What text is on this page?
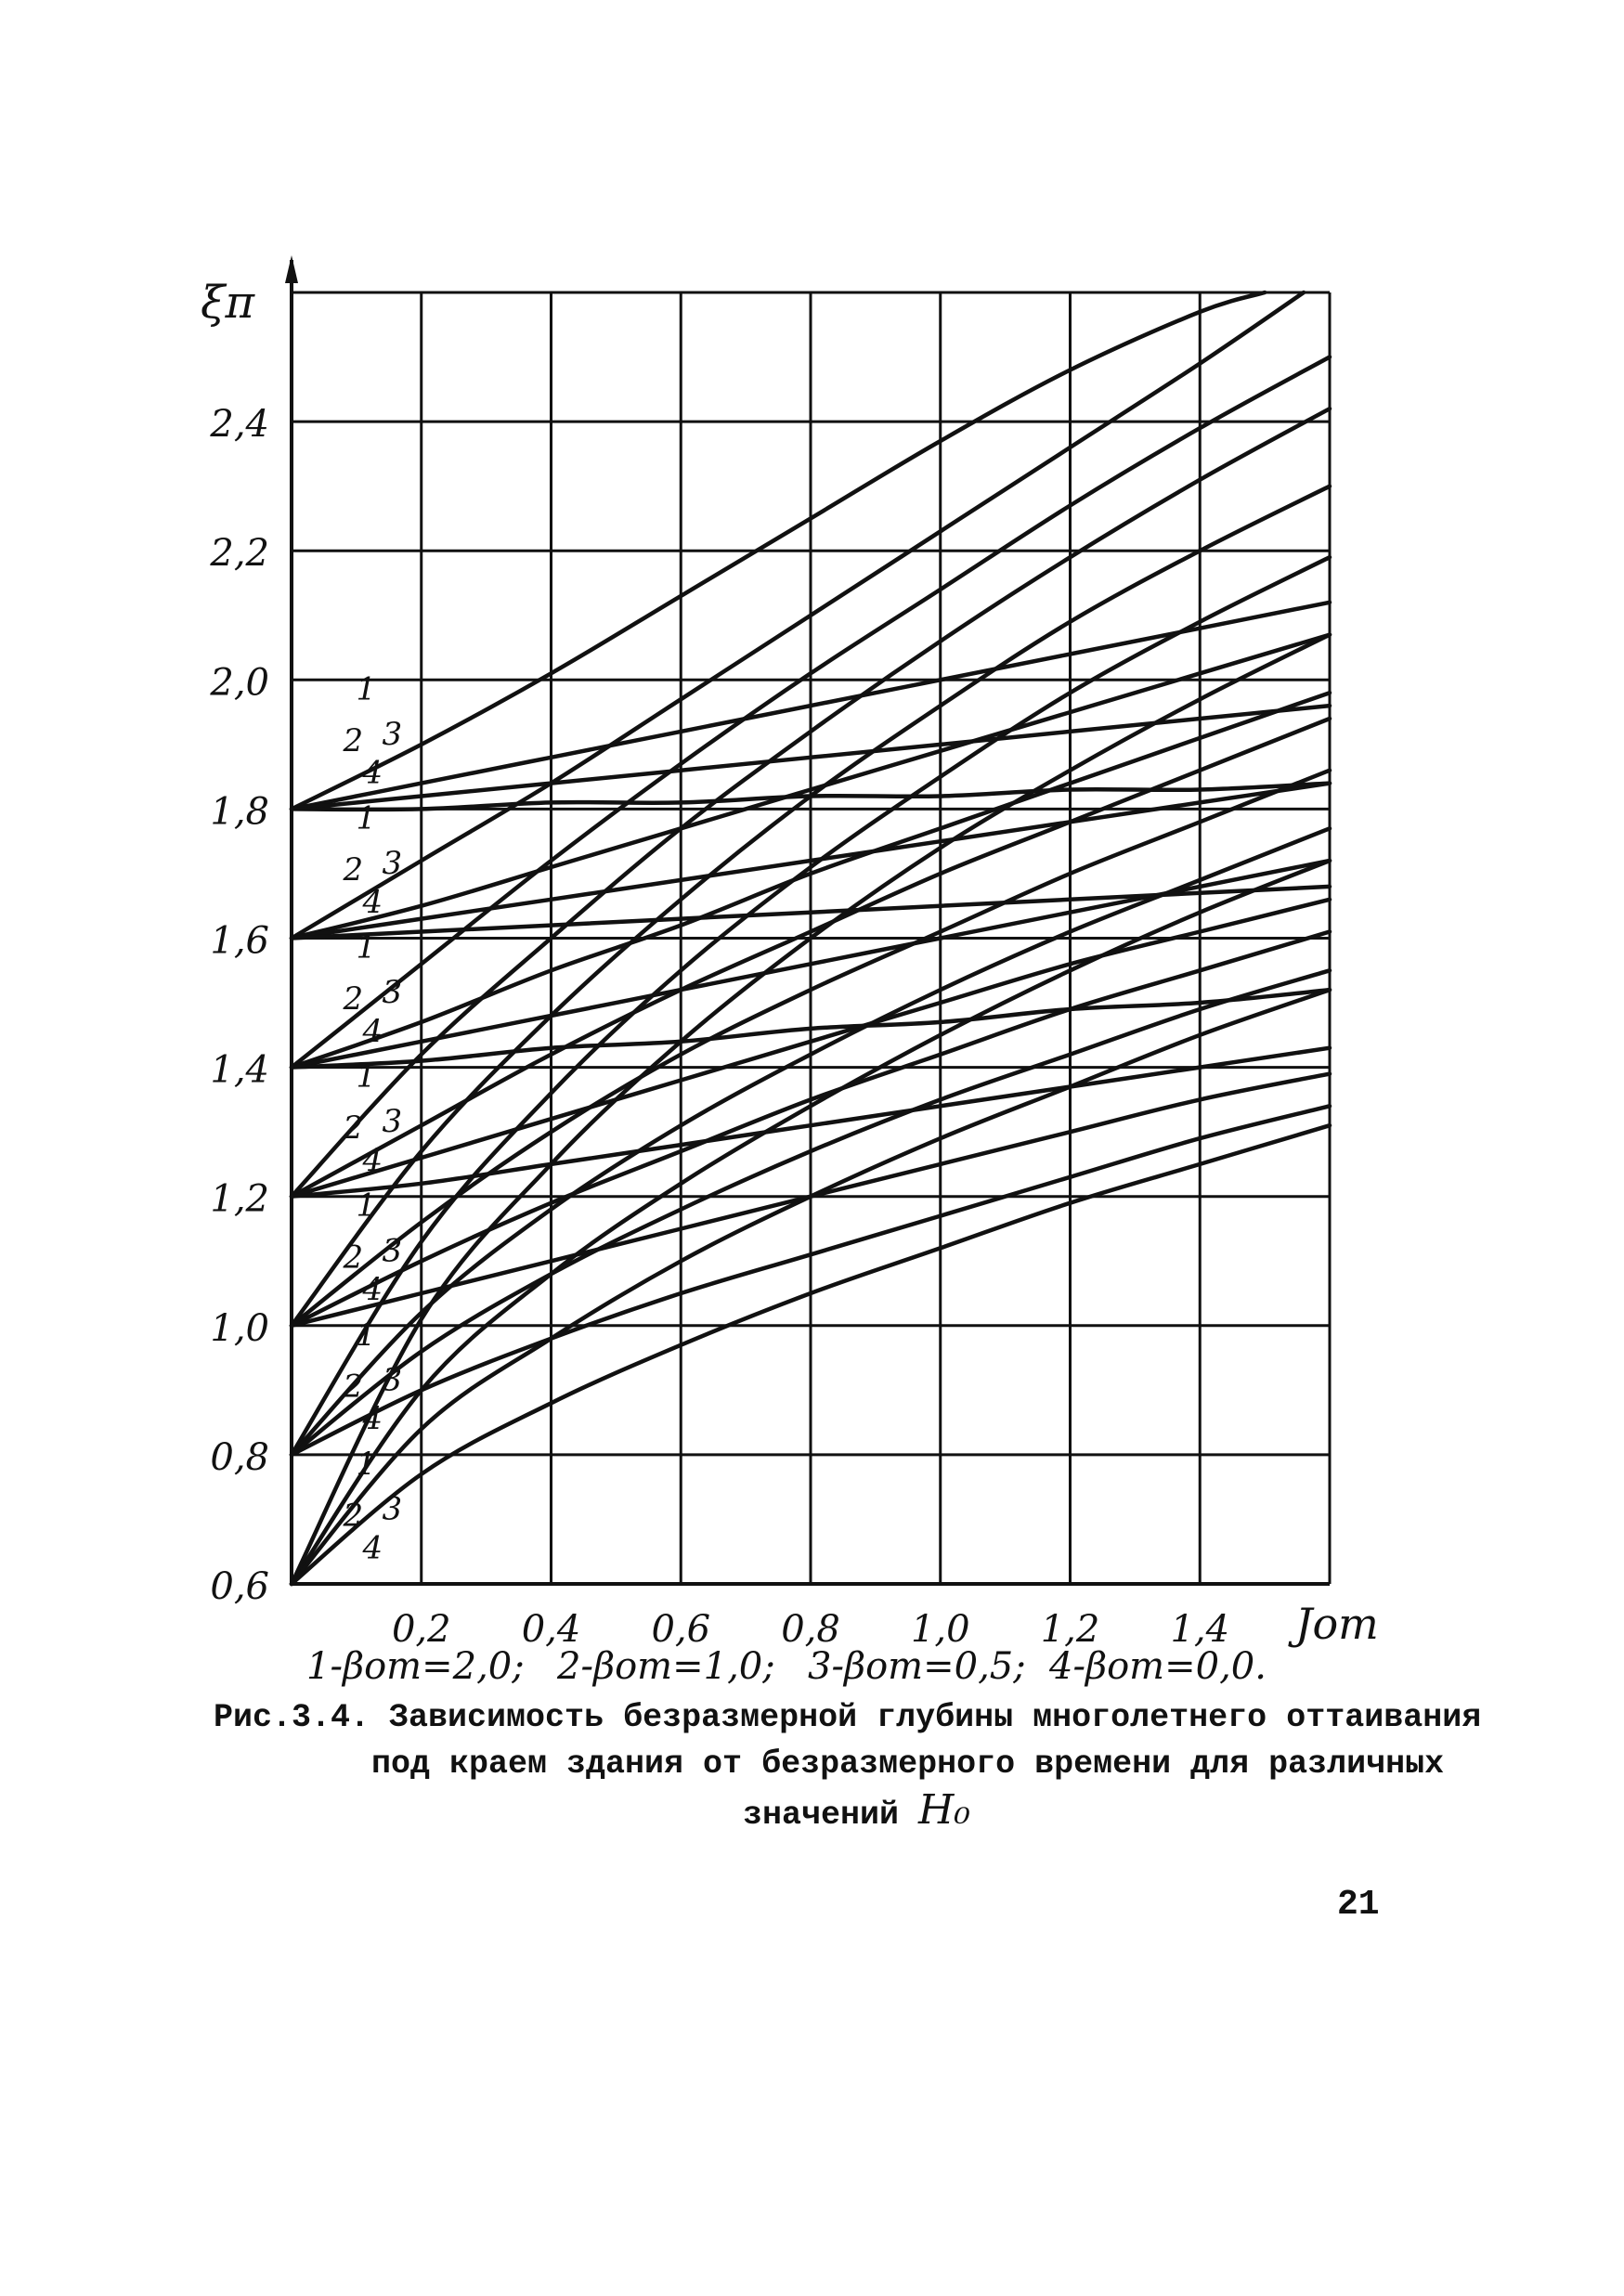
0,6
0,8
1,0
1,2
1,4
1,6
1,8
2,0
2,2
2,4
0,2 0,4 0,6 0,8 1,0 1,2 1,4
1
2 3
4
1
2 3
4
1
2 3
4
1
2 3
4
1
2 3
4
1
2 3
4
1
2 3
4
1-βот=2,0; 2-βот=1,0; 3-βот=0,5; 4-βот=0,0.
ξπ
Jот
Рис.3.4. Зависимость безразмерной глубины многолетнего оттаивания
под краем здания от безразмерного времени для различных
значений H₀
21
